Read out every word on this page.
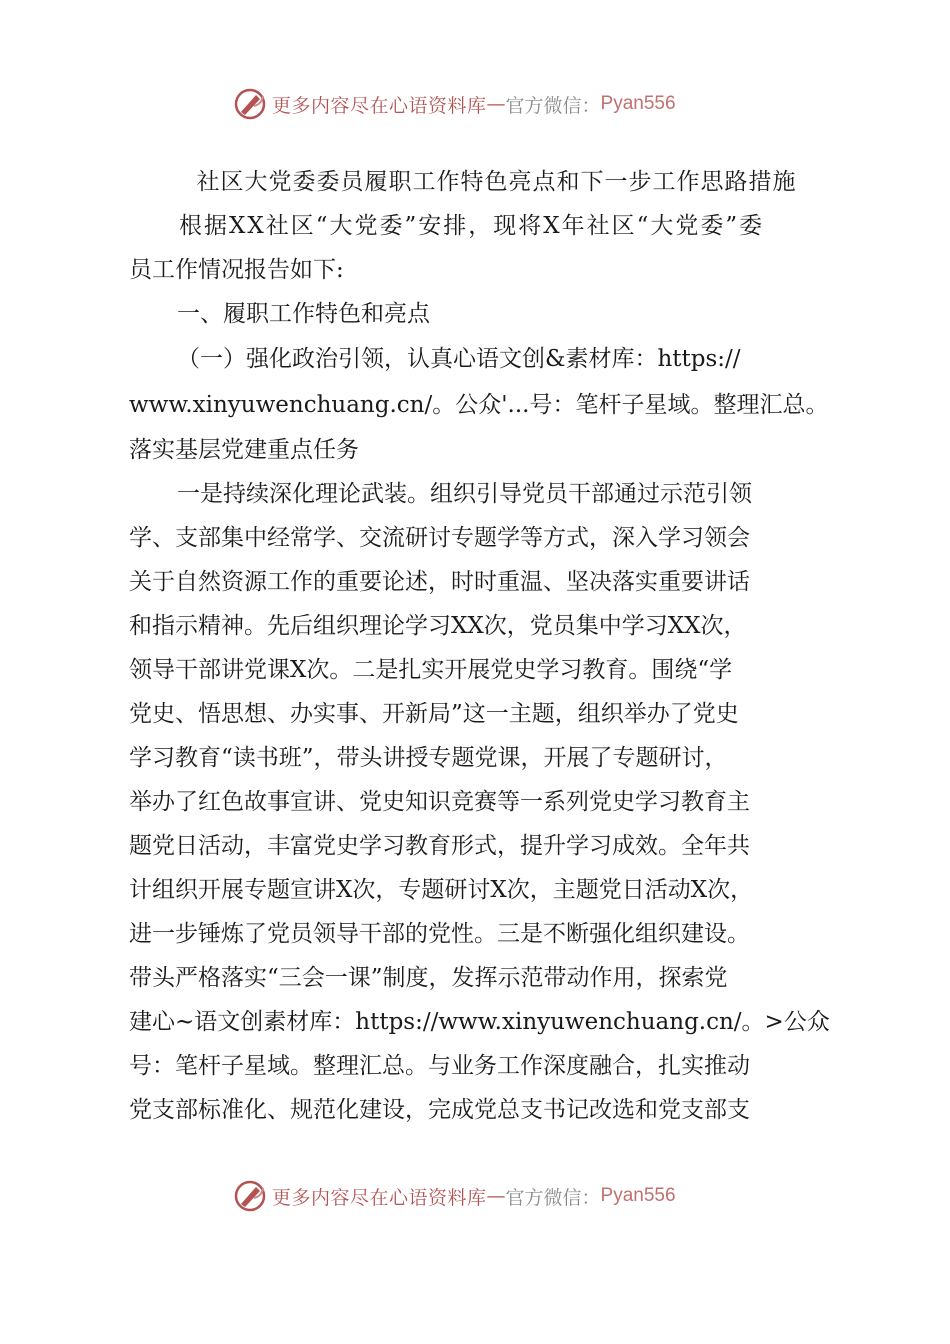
更多内容尽在心语资料库 — 官方微信： Pyan556
社区大党委委员履职工作特色亮点和下一步工作思路措施
根据XX社区“大党委”安排，现将X年社区“大党委”委
员工作情况报告如下:
一、履职工作特色和亮点
（一）强化政治引领，认真心语文创&素材库：https://
www.xinyuwenchuang.cn/。公众'...号：笔杆子星域。整理汇总。
落实基层党建重点任务
一是持续深化理论武装。组织引导党员干部通过示范引领
学、支部集中经常学、交流研讨专题学等方式，深入学习领会
关于自然资源工作的重要论述，时时重温、坚决落实重要讲话
和指示精神。先后组织理论学习XX次，党员集中学习XX次，
领导干部讲党课X次。二是扎实开展党史学习教育。围绕“学
党史、悟思想、办实事、开新局”这一主题，组织举办了党史
学习教育“读书班”，带头讲授专题党课，开展了专题研讨，
举办了红色故事宣讲、党史知识竞赛等一系列党史学习教育主
题党日活动，丰富党史学习教育形式，提升学习成效。全年共
计组织开展专题宣讲X次，专题研讨X次，主题党日活动X次，
进一步锤炼了党员领导干部的党性。三是不断强化组织建设。
带头严格落实“三会一课”制度，发挥示范带动作用，探索党
建心~语文创素材库：https://www.xinyuwenchuang.cn/。>公众
号：笔杆子星域。整理汇总。与业务工作深度融合，扎实推动
党支部标准化、规范化建设，完成党总支书记改选和党支部支
更多内容尽在心语资料库 — 官方微信： Pyan556
